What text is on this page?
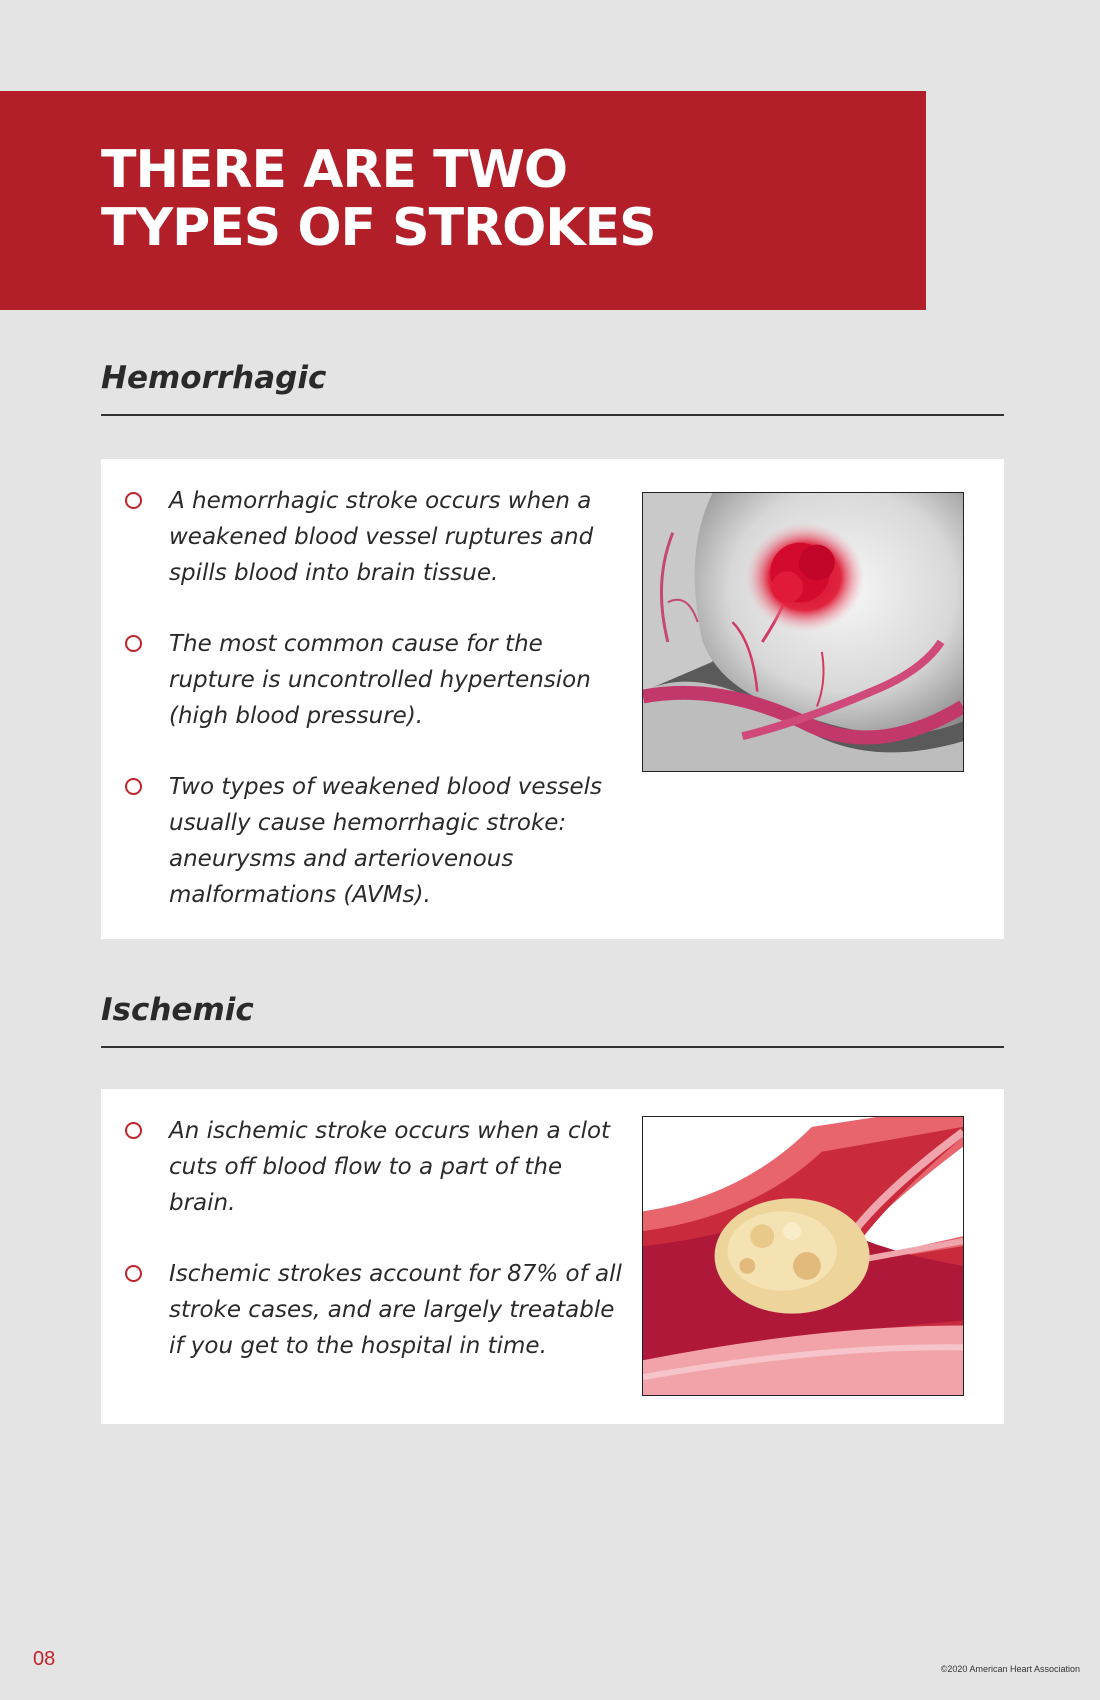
THERE ARE TWO
TYPES OF STROKES
Hemorrhagic
A hemorrhagic stroke occurs when a weakened blood vessel ruptures and spills blood into brain tissue.
The most common cause for the rupture is uncontrolled hypertension (high blood pressure).
Two types of weakened blood vessels usually cause hemorrhagic stroke: aneurysms and arteriovenous malformations (AVMs).
Ischemic
An ischemic stroke occurs when a clot cuts off blood flow to a part of the brain.
Ischemic strokes account for 87% of all stroke cases, and are largely treatable if you get to the hospital in time.
08	©2020 American Heart Association
